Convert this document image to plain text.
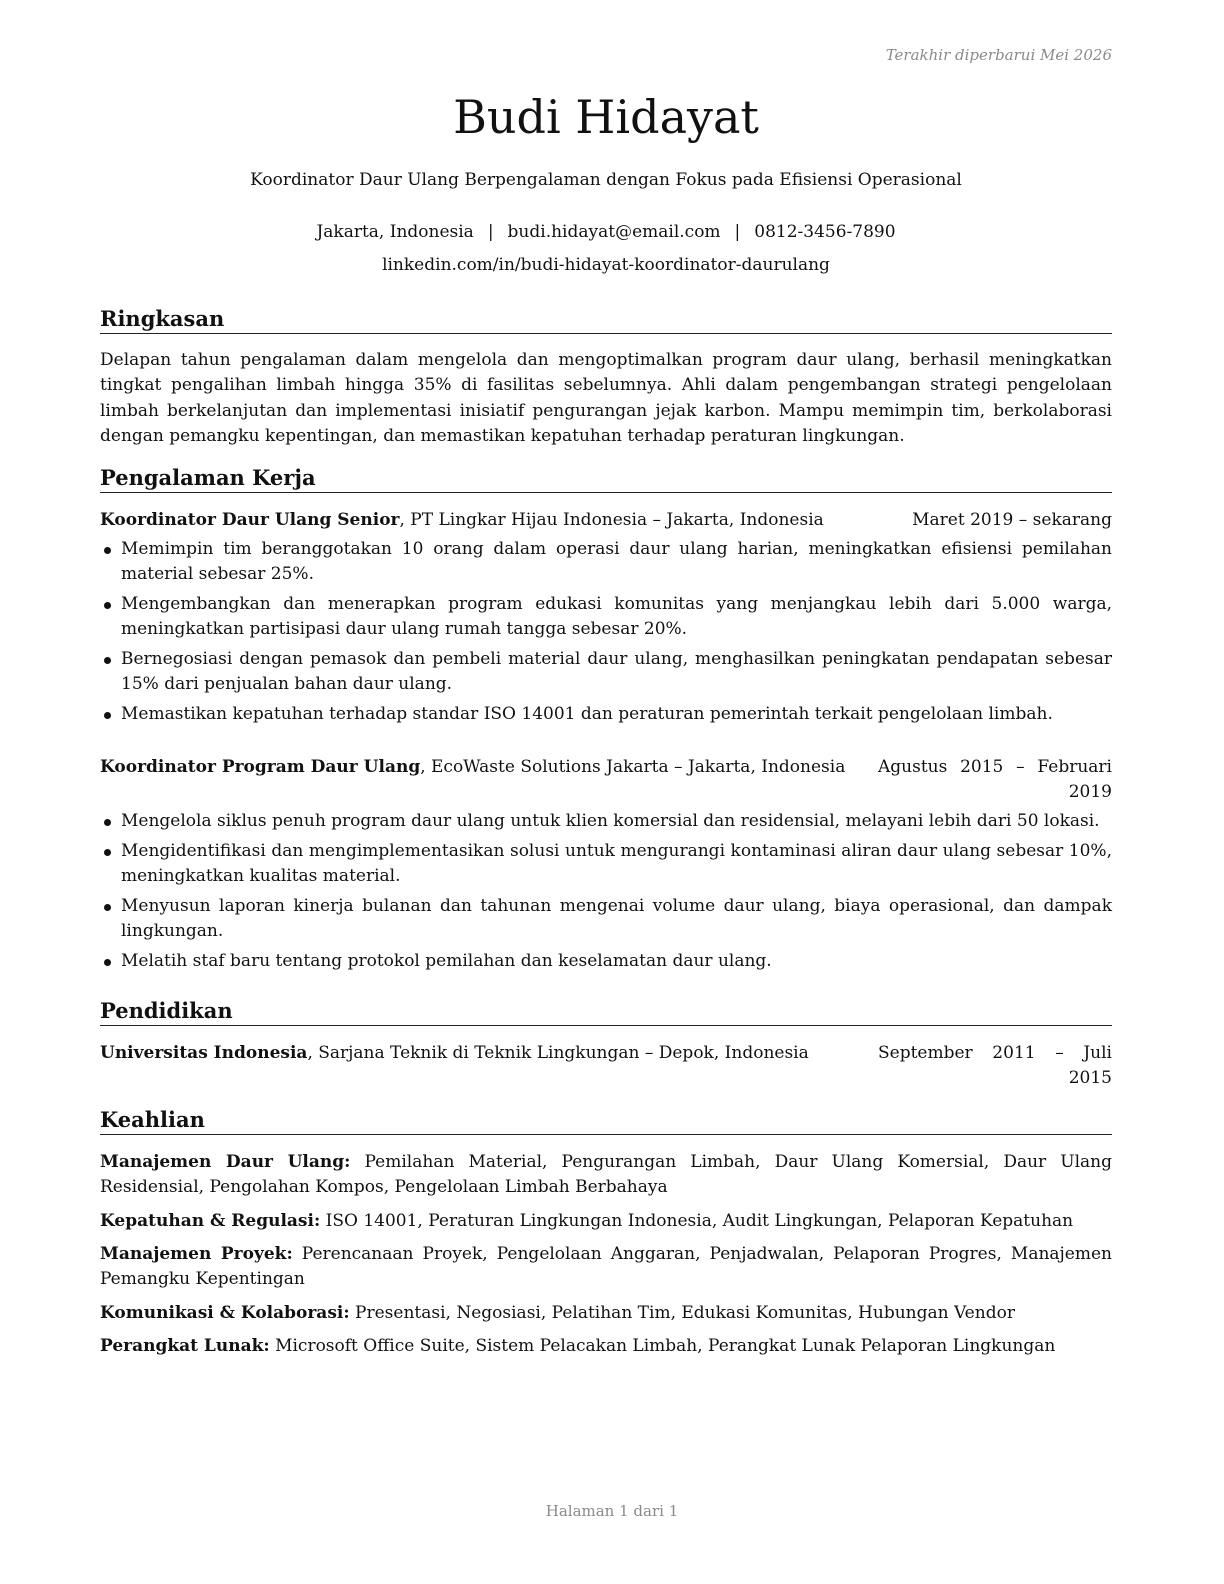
Terakhir diperbarui Mei 2026
Budi Hidayat
Koordinator Daur Ulang Berpengalaman dengan Fokus pada Efisiensi Operasional
Jakarta, Indonesia | budi.hidayat@email.com | 0812-3456-7890
linkedin.com/in/budi-hidayat-koordinator-daurulang
Ringkasan
Delapan tahun pengalaman dalam mengelola dan mengoptimalkan program daur ulang, berhasil meningkatkan tingkat pengalihan limbah hingga 35% di fasilitas sebelumnya. Ahli dalam pengembangan strategi pengelolaan limbah berkelanjutan dan implementasi inisiatif pengurangan jejak karbon. Mampu memimpin tim, berkolaborasi dengan pemangku kepentingan, dan memastikan kepatuhan terhadap peraturan lingkungan.
Pengalaman Kerja
Koordinator Daur Ulang Senior, PT Lingkar Hijau Indonesia – Jakarta, Indonesia	Maret 2019 – sekarang
Memimpin tim beranggotakan 10 orang dalam operasi daur ulang harian, meningkatkan efisiensi pemilahan material sebesar 25%.
Mengembangkan dan menerapkan program edukasi komunitas yang menjangkau lebih dari 5.000 warga, meningkatkan partisipasi daur ulang rumah tangga sebesar 20%.
Bernegosiasi dengan pemasok dan pembeli material daur ulang, menghasilkan peningkatan pendapatan sebesar 15% dari penjualan bahan daur ulang.
Memastikan kepatuhan terhadap standar ISO 14001 dan peraturan pemerintah terkait pengelolaan limbah.
Koordinator Program Daur Ulang, EcoWaste Solutions Jakarta – Jakarta, Indonesia Agustus 2015 – Februari 2019
Mengelola siklus penuh program daur ulang untuk klien komersial dan residensial, melayani lebih dari 50 lokasi.
Mengidentifikasi dan mengimplementasikan solusi untuk mengurangi kontaminasi aliran daur ulang sebesar 10%, meningkatkan kualitas material.
Menyusun laporan kinerja bulanan dan tahunan mengenai volume daur ulang, biaya operasional, dan dampak lingkungan.
Melatih staf baru tentang protokol pemilahan dan keselamatan daur ulang.
Pendidikan
Universitas Indonesia, Sarjana Teknik di Teknik Lingkungan – Depok, Indonesia	September 2011 – Juli 2015
Keahlian
Manajemen Daur Ulang: Pemilahan Material, Pengurangan Limbah, Daur Ulang Komersial, Daur Ulang Residensial, Pengolahan Kompos, Pengelolaan Limbah Berbahaya
Kepatuhan & Regulasi: ISO 14001, Peraturan Lingkungan Indonesia, Audit Lingkungan, Pelaporan Kepatuhan
Manajemen Proyek: Perencanaan Proyek, Pengelolaan Anggaran, Penjadwalan, Pelaporan Progres, Manajemen Pemangku Kepentingan
Komunikasi & Kolaborasi: Presentasi, Negosiasi, Pelatihan Tim, Edukasi Komunitas, Hubungan Vendor
Perangkat Lunak: Microsoft Office Suite, Sistem Pelacakan Limbah, Perangkat Lunak Pelaporan Lingkungan
Halaman 1 dari 1
